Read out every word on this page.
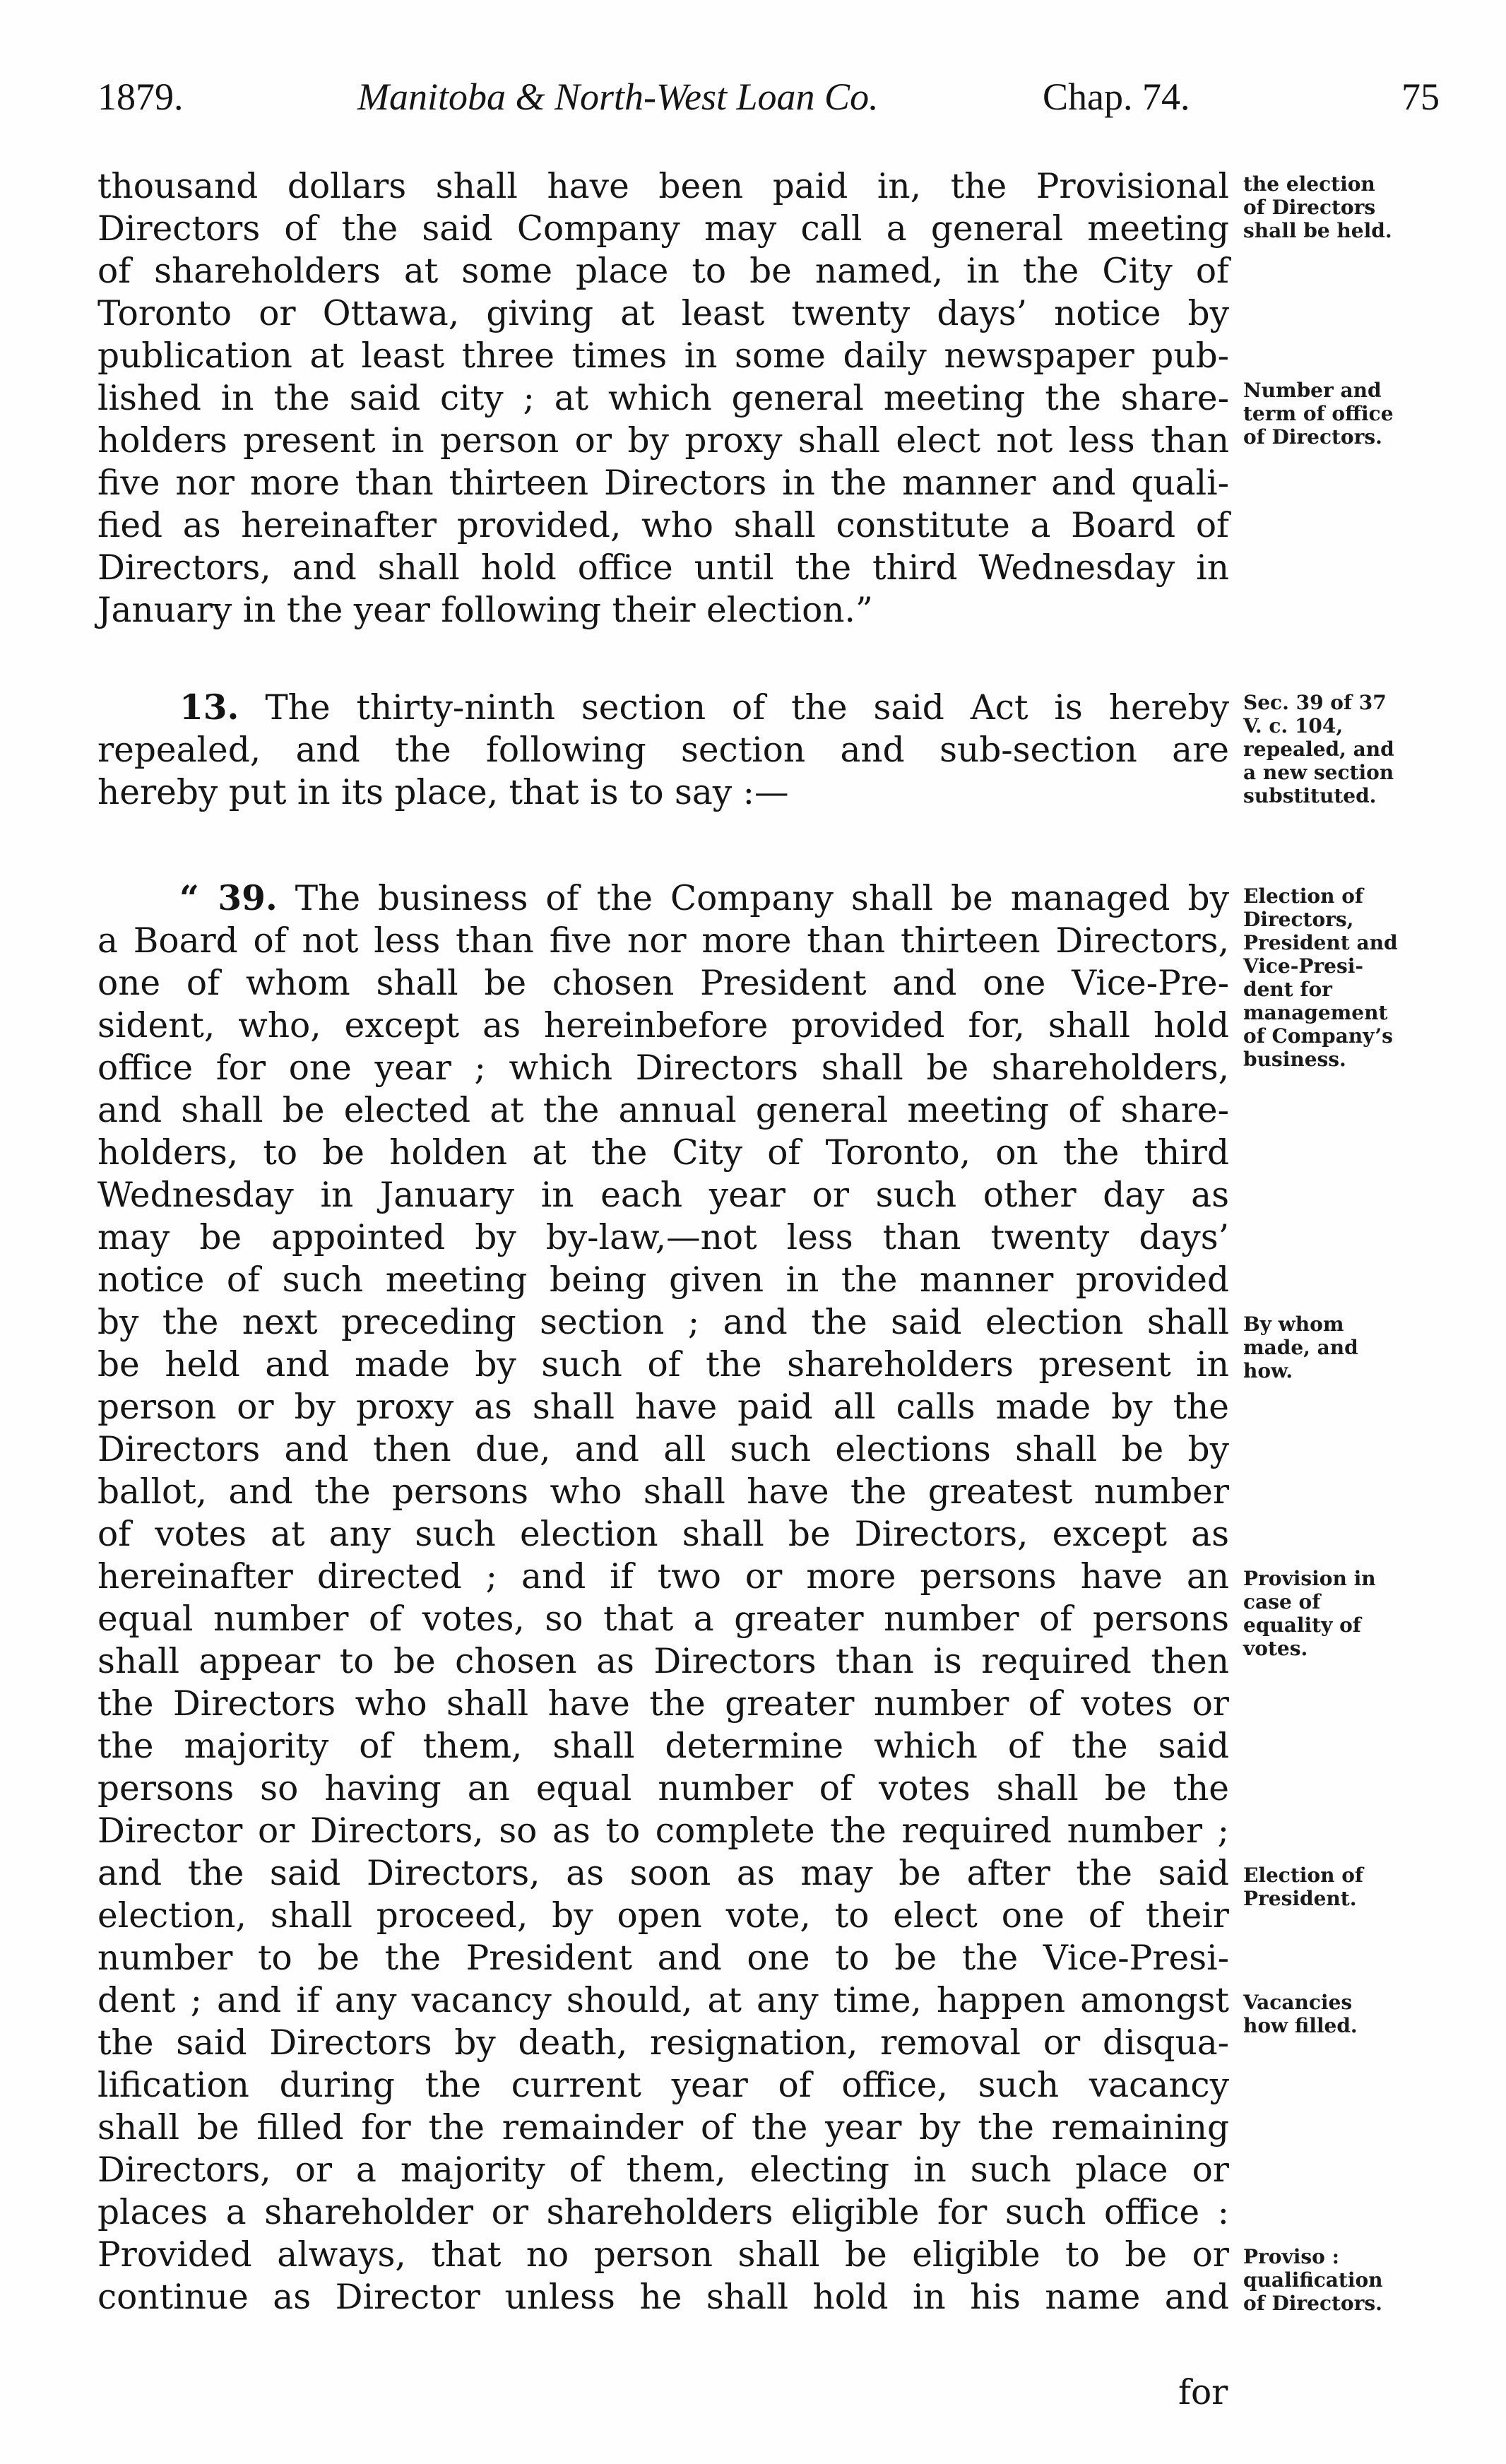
1879.	Manitoba & North-West Loan Co.	Chap. 74.	75
thousand dollars shall have been paid in, the Provisional
Directors of the said Company may call a general meeting
of shareholders at some place to be named, in the City of
Toronto or Ottawa, giving at least twenty days’ notice by
publication at least three times in some daily newspaper pub-
lished in the said city ; at which general meeting the share-
holders present in person or by proxy shall elect not less than
five nor more than thirteen Directors in the manner and quali-
fied as hereinafter provided, who shall constitute a Board of
Directors, and shall hold office until the third Wednesday in
January in the year following their election.”
13. The thirty-ninth section of the said Act is hereby
repealed, and the following section and sub-section are
hereby put in its place, that is to say :—
“ 39. The business of the Company shall be managed by
a Board of not less than five nor more than thirteen Directors,
one of whom shall be chosen President and one Vice-Pre-
sident, who, except as hereinbefore provided for, shall hold
office for one year ; which Directors shall be shareholders,
and shall be elected at the annual general meeting of share-
holders, to be holden at the City of Toronto, on the third
Wednesday in January in each year or such other day as
may be appointed by by-law,—not less than twenty days’
notice of such meeting being given in the manner provided
by the next preceding section ; and the said election shall
be held and made by such of the shareholders present in
person or by proxy as shall have paid all calls made by the
Directors and then due, and all such elections shall be by
ballot, and the persons who shall have the greatest number
of votes at any such election shall be Directors, except as
hereinafter directed ; and if two or more persons have an
equal number of votes, so that a greater number of persons
shall appear to be chosen as Directors than is required then
the Directors who shall have the greater number of votes or
the majority of them, shall determine which of the said
persons so having an equal number of votes shall be the
Director or Directors, so as to complete the required number ;
and the said Directors, as soon as may be after the said
election, shall proceed, by open vote, to elect one of their
number to be the President and one to be the Vice-Presi-
dent ; and if any vacancy should, at any time, happen amongst
the said Directors by death, resignation, removal or disqua-
lification during the current year of office, such vacancy
shall be filled for the remainder of the year by the remaining
Directors, or a majority of them, electing in such place or
places a shareholder or shareholders eligible for such office :
Provided always, that no person shall be eligible to be or
continue as Director unless he shall hold in his name and
for
the election
of Directors
shall be held.
Number and
term of office
of Directors.
Sec. 39 of 37
V. c. 104,
repealed, and
a new section
substituted.
Election of
Directors,
President and
Vice-Presi-
dent for
management
of Company’s
business.
By whom
made, and
how.
Provision in
case of
equality of
votes.
Election of
President.
Vacancies
how filled.
Proviso :
qualification
of Directors.
